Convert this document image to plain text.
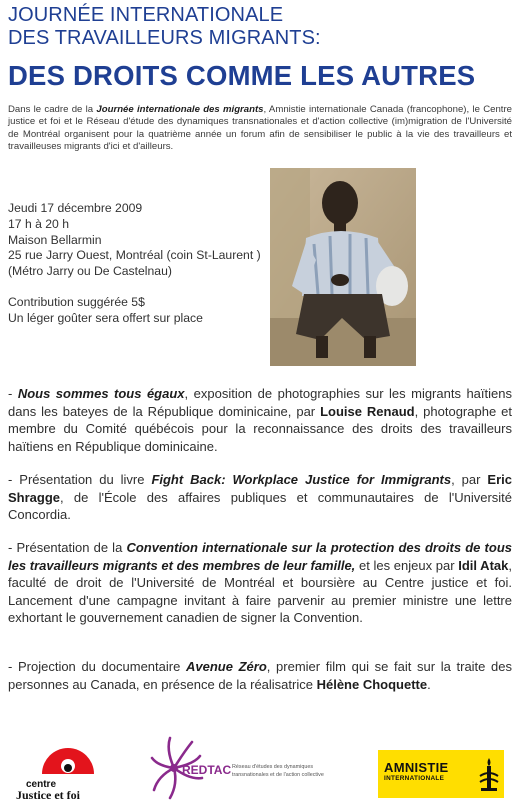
JOURNÉE INTERNATIONALE
DES TRAVAILLEURS MIGRANTS:
DES DROITS COMME LES AUTRES
Dans le cadre de la Journée internationale des migrants, Amnistie internationale Canada (francophone), le Centre justice et foi et le Réseau d'étude des dynamiques transnationales et d'action collective (im)migration de l'Université de Montréal organisent pour la quatrième année un forum afin de sensibiliser le public à la vie des travailleurs et travailleuses migrants d'ici et d'ailleurs.
Jeudi 17 décembre 2009
17 h à 20 h
Maison Bellarmin
25 rue Jarry Ouest, Montréal (coin St-Laurent )
(Métro Jarry ou De Castelnau)
Contribution suggérée 5$
Un léger goûter sera offert sur place
- Nous sommes tous égaux, exposition de photographies sur les migrants haïtiens dans les bateyes de la République dominicaine, par Louise Renaud, photographe et membre du Comité québécois pour la reconnaissance des droits des travailleurs haïtiens en République dominicaine.
- Présentation du livre Fight Back: Workplace Justice for Immigrants, par Eric Shragge, de l'École des affaires publiques et communautaires de l'Université Concordia.
- Présentation de la Convention internationale sur la protection des droits de tous les travailleurs migrants et des membres de leur famille, et les enjeux par Idil Atak, faculté de droit de l'Université de Montréal et boursière au Centre justice et foi. Lancement d'une campagne invitant à faire parvenir au premier ministre une lettre exhortant le gouvernement canadien de signer la Convention.
- Projection du documentaire Avenue Zéro, premier film qui se fait sur la traite des personnes au Canada, en présence de la réalisatrice Hélène Choquette.
centre
Justice et foi
REDTAC Réseau d'études des dynamiques
transnationales et de l'action collective	AMNISTIE
INTERNATIONALE
